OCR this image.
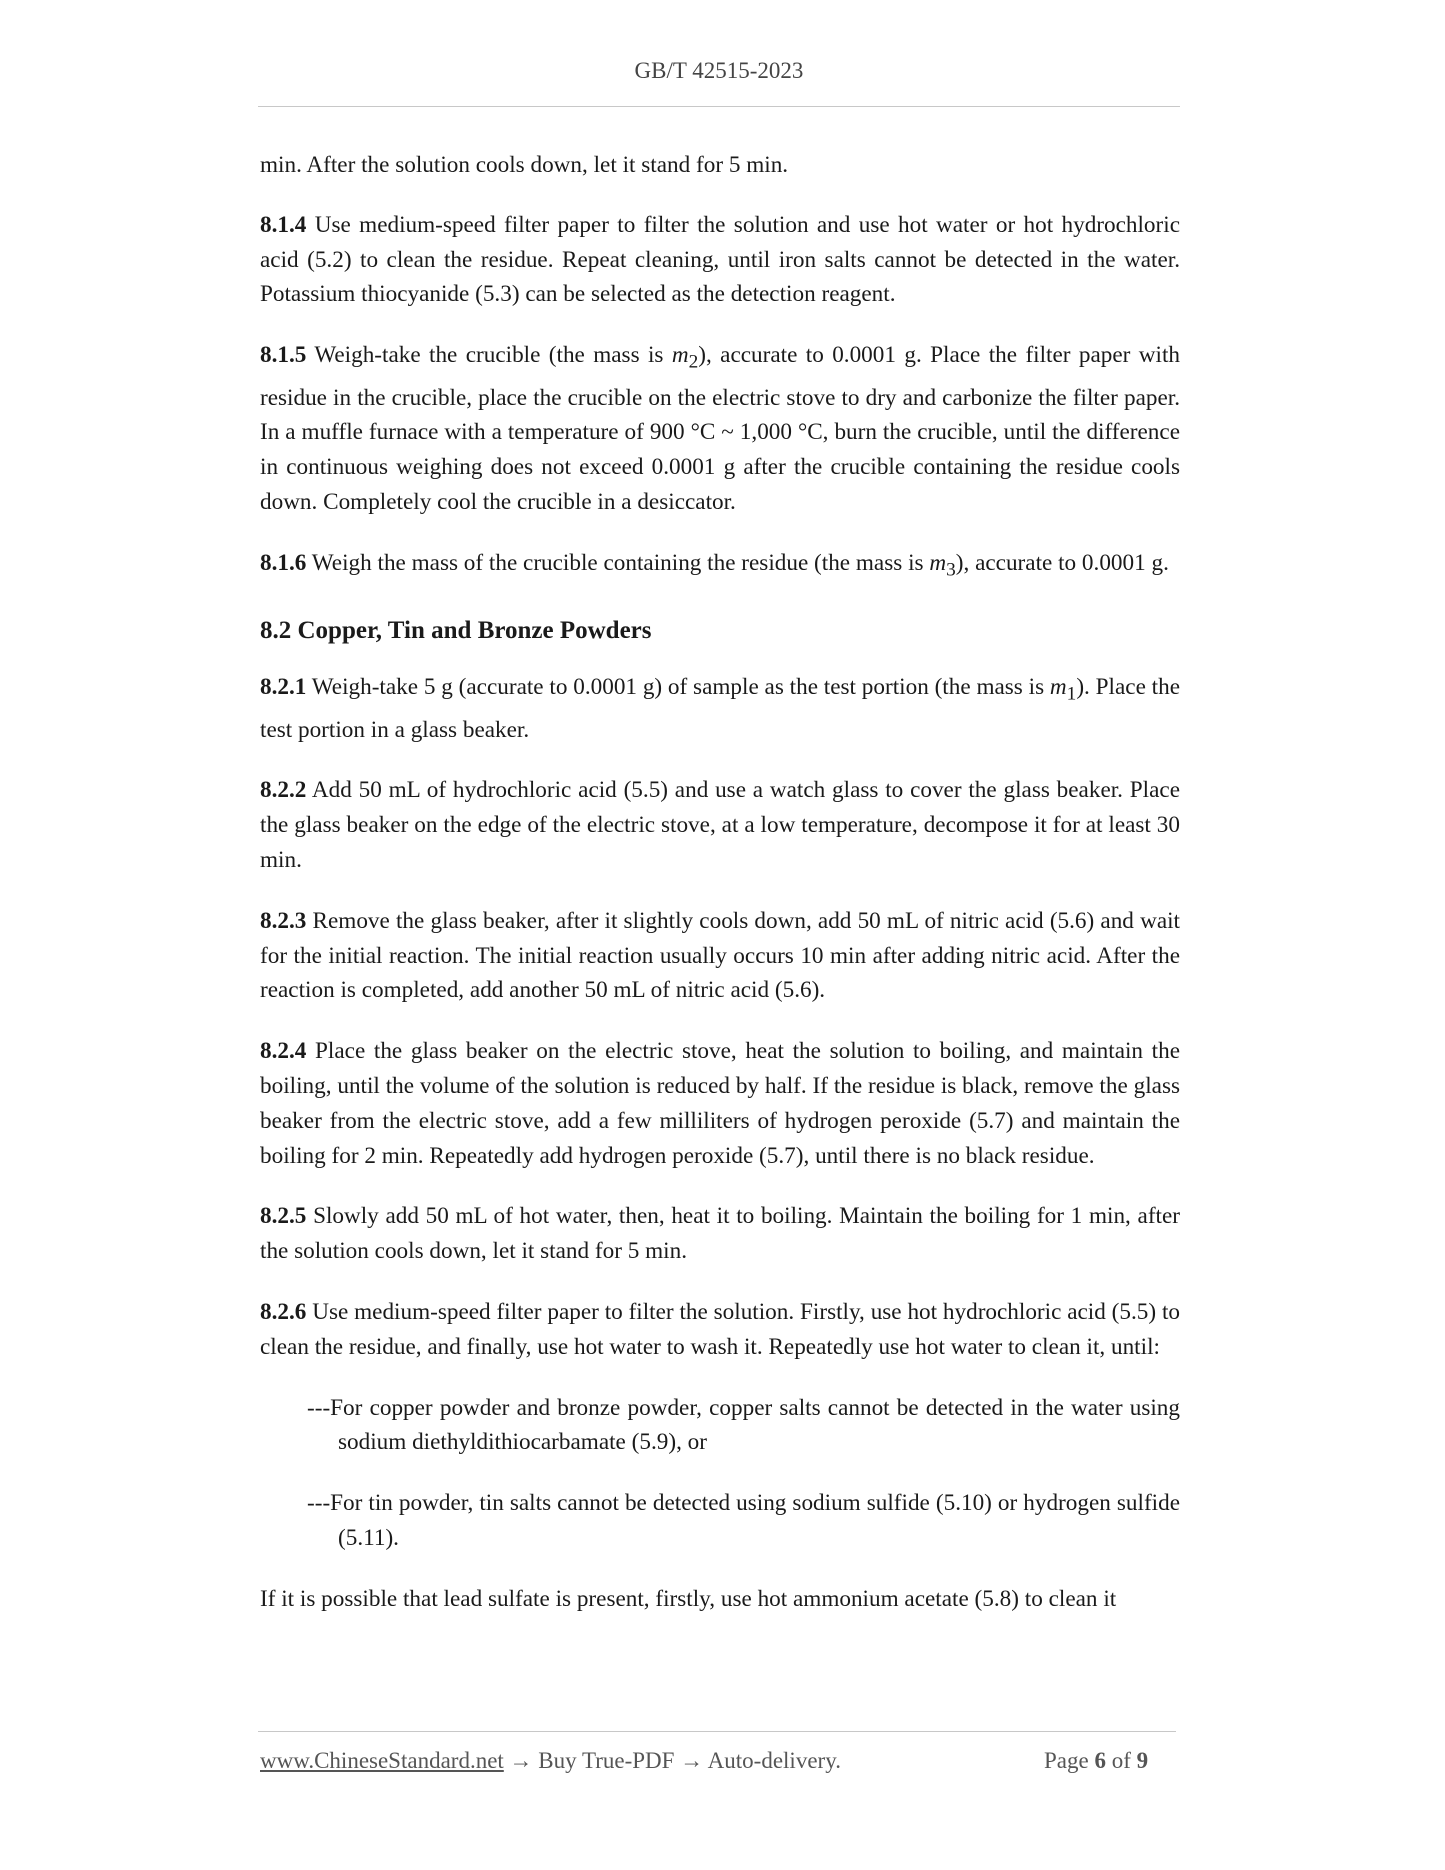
GB/T 42515-2023

min. After the solution cools down, let it stand for 5 min.

8.1.4 Use medium-speed filter paper to filter the solution and use hot water or hot hydrochloric acid (5.2) to clean the residue. Repeat cleaning, until iron salts cannot be detected in the water. Potassium thiocyanide (5.3) can be selected as the detection reagent.

8.1.5 Weigh-take the crucible (the mass is $m_2$), accurate to 0.0001 g. Place the filter paper with residue in the crucible, place the crucible on the electric stove to dry and carbonize the filter paper. In a muffle furnace with a temperature of 900 °C ~ 1,000 °C, burn the crucible, until the difference in continuous weighing does not exceed 0.0001 g after the crucible containing the residue cools down. Completely cool the crucible in a desiccator.

8.1.6 Weigh the mass of the crucible containing the residue (the mass is $m_3$), accurate to 0.0001 g.

8.2 Copper, Tin and Bronze Powders

8.2.1 Weigh-take 5 g (accurate to 0.0001 g) of sample as the test portion (the mass is $m_1$). Place the test portion in a glass beaker.

8.2.2 Add 50 mL of hydrochloric acid (5.5) and use a watch glass to cover the glass beaker. Place the glass beaker on the edge of the electric stove, at a low temperature, decompose it for at least 30 min.

8.2.3 Remove the glass beaker, after it slightly cools down, add 50 mL of nitric acid (5.6) and wait for the initial reaction. The initial reaction usually occurs 10 min after adding nitric acid. After the reaction is completed, add another 50 mL of nitric acid (5.6).

8.2.4 Place the glass beaker on the electric stove, heat the solution to boiling, and maintain the boiling, until the volume of the solution is reduced by half. If the residue is black, remove the glass beaker from the electric stove, add a few milliliters of hydrogen peroxide (5.7) and maintain the boiling for 2 min. Repeatedly add hydrogen peroxide (5.7), until there is no black residue.

8.2.5 Slowly add 50 mL of hot water, then, heat it to boiling. Maintain the boiling for 1 min, after the solution cools down, let it stand for 5 min.

8.2.6 Use medium-speed filter paper to filter the solution. Firstly, use hot hydrochloric acid (5.5) to clean the residue, and finally, use hot water to wash it. Repeatedly use hot water to clean it, until:

---For copper powder and bronze powder, copper salts cannot be detected in the water using sodium diethyldithiocarbamate (5.9), or

---For tin powder, tin salts cannot be detected using sodium sulfide (5.10) or hydrogen sulfide (5.11).

If it is possible that lead sulfate is present, firstly, use hot ammonium acetate (5.8) to clean it

www.ChineseStandard.net → Buy True-PDF → Auto-delivery.	Page 6 of 9
